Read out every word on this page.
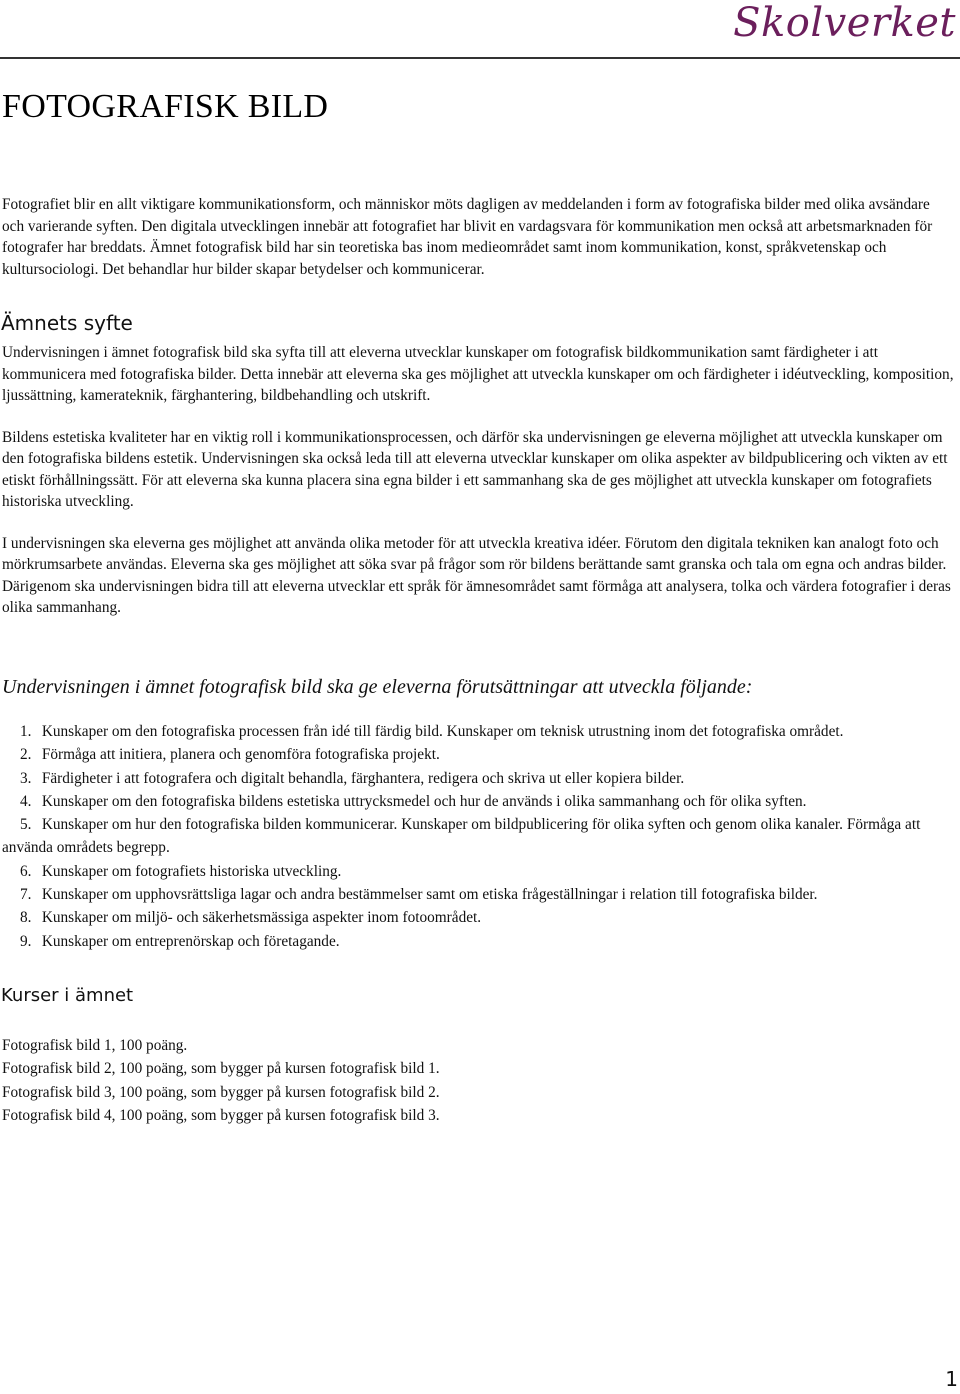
Skolverket
FOTOGRAFISK BILD

Fotografiet blir en allt viktigare kommunikationsform, och människor möts dagligen av meddelanden i form av fotografiska bilder med olika avsändare och varierande syften. Den digitala utvecklingen innebär att fotografiet har blivit en vardagsvara för kommunikation men också att arbetsmarknaden för fotografer har breddats. Ämnet fotografisk bild har sin teoretiska bas inom medieområdet samt inom kommunikation, konst, språkvetenskap och kultursociologi. Det behandlar hur bilder skapar betydelser och kommunicerar.

Ämnets syfte

Undervisningen i ämnet fotografisk bild ska syfta till att eleverna utvecklar kunskaper om fotografisk bildkommunikation samt färdigheter i att kommunicera med fotografiska bilder. Detta innebär att eleverna ska ges möjlighet att utveckla kunskaper om och färdigheter i idéutveckling, komposition, ljussättning, kamerateknik, färghantering, bildbehandling och utskrift.

Bildens estetiska kvaliteter har en viktig roll i kommunikationsprocessen, och därför ska undervisningen ge eleverna möjlighet att utveckla kunskaper om den fotografiska bildens estetik. Undervisningen ska också leda till att eleverna utvecklar kunskaper om olika aspekter av bildpublicering och vikten av ett etiskt förhållningssätt. För att eleverna ska kunna placera sina egna bilder i ett sammanhang ska de ges möjlighet att utveckla kunskaper om fotografiets historiska utveckling.

I undervisningen ska eleverna ges möjlighet att använda olika metoder för att utveckla kreativa idéer. Förutom den digitala tekniken kan analogt foto och mörkrumsarbete användas. Eleverna ska ges möjlighet att söka svar på frågor som rör bildens berättande samt granska och tala om egna och andras bilder. Därigenom ska undervisningen bidra till att eleverna utvecklar ett språk för ämnesområdet samt förmåga att analysera, tolka och värdera fotografier i deras olika sammanhang.

Undervisningen i ämnet fotografisk bild ska ge eleverna förutsättningar att utveckla följande:
1. Kunskaper om den fotografiska processen från idé till färdig bild. Kunskaper om teknisk utrustning inom det fotografiska området.
2. Förmåga att initiera, planera och genomföra fotografiska projekt.
3. Färdigheter i att fotografera och digitalt behandla, färghantera, redigera och skriva ut eller kopiera bilder.
4. Kunskaper om den fotografiska bildens estetiska uttrycksmedel och hur de används i olika sammanhang och för olika syften.
5. Kunskaper om hur den fotografiska bilden kommunicerar. Kunskaper om bildpublicering för olika syften och genom olika kanaler. Förmåga att använda områdets begrepp.
6. Kunskaper om fotografiets historiska utveckling.
7. Kunskaper om upphovsrättsliga lagar och andra bestämmelser samt om etiska frågeställningar i relation till fotografiska bilder.
8. Kunskaper om miljö- och säkerhetsmässiga aspekter inom fotoområdet.
9. Kunskaper om entreprenörskap och företagande.
Kurser i ämnet
Fotografisk bild 1, 100 poäng.
Fotografisk bild 2, 100 poäng, som bygger på kursen fotografisk bild 1.
Fotografisk bild 3, 100 poäng, som bygger på kursen fotografisk bild 2.
Fotografisk bild 4, 100 poäng, som bygger på kursen fotografisk bild 3.
1
